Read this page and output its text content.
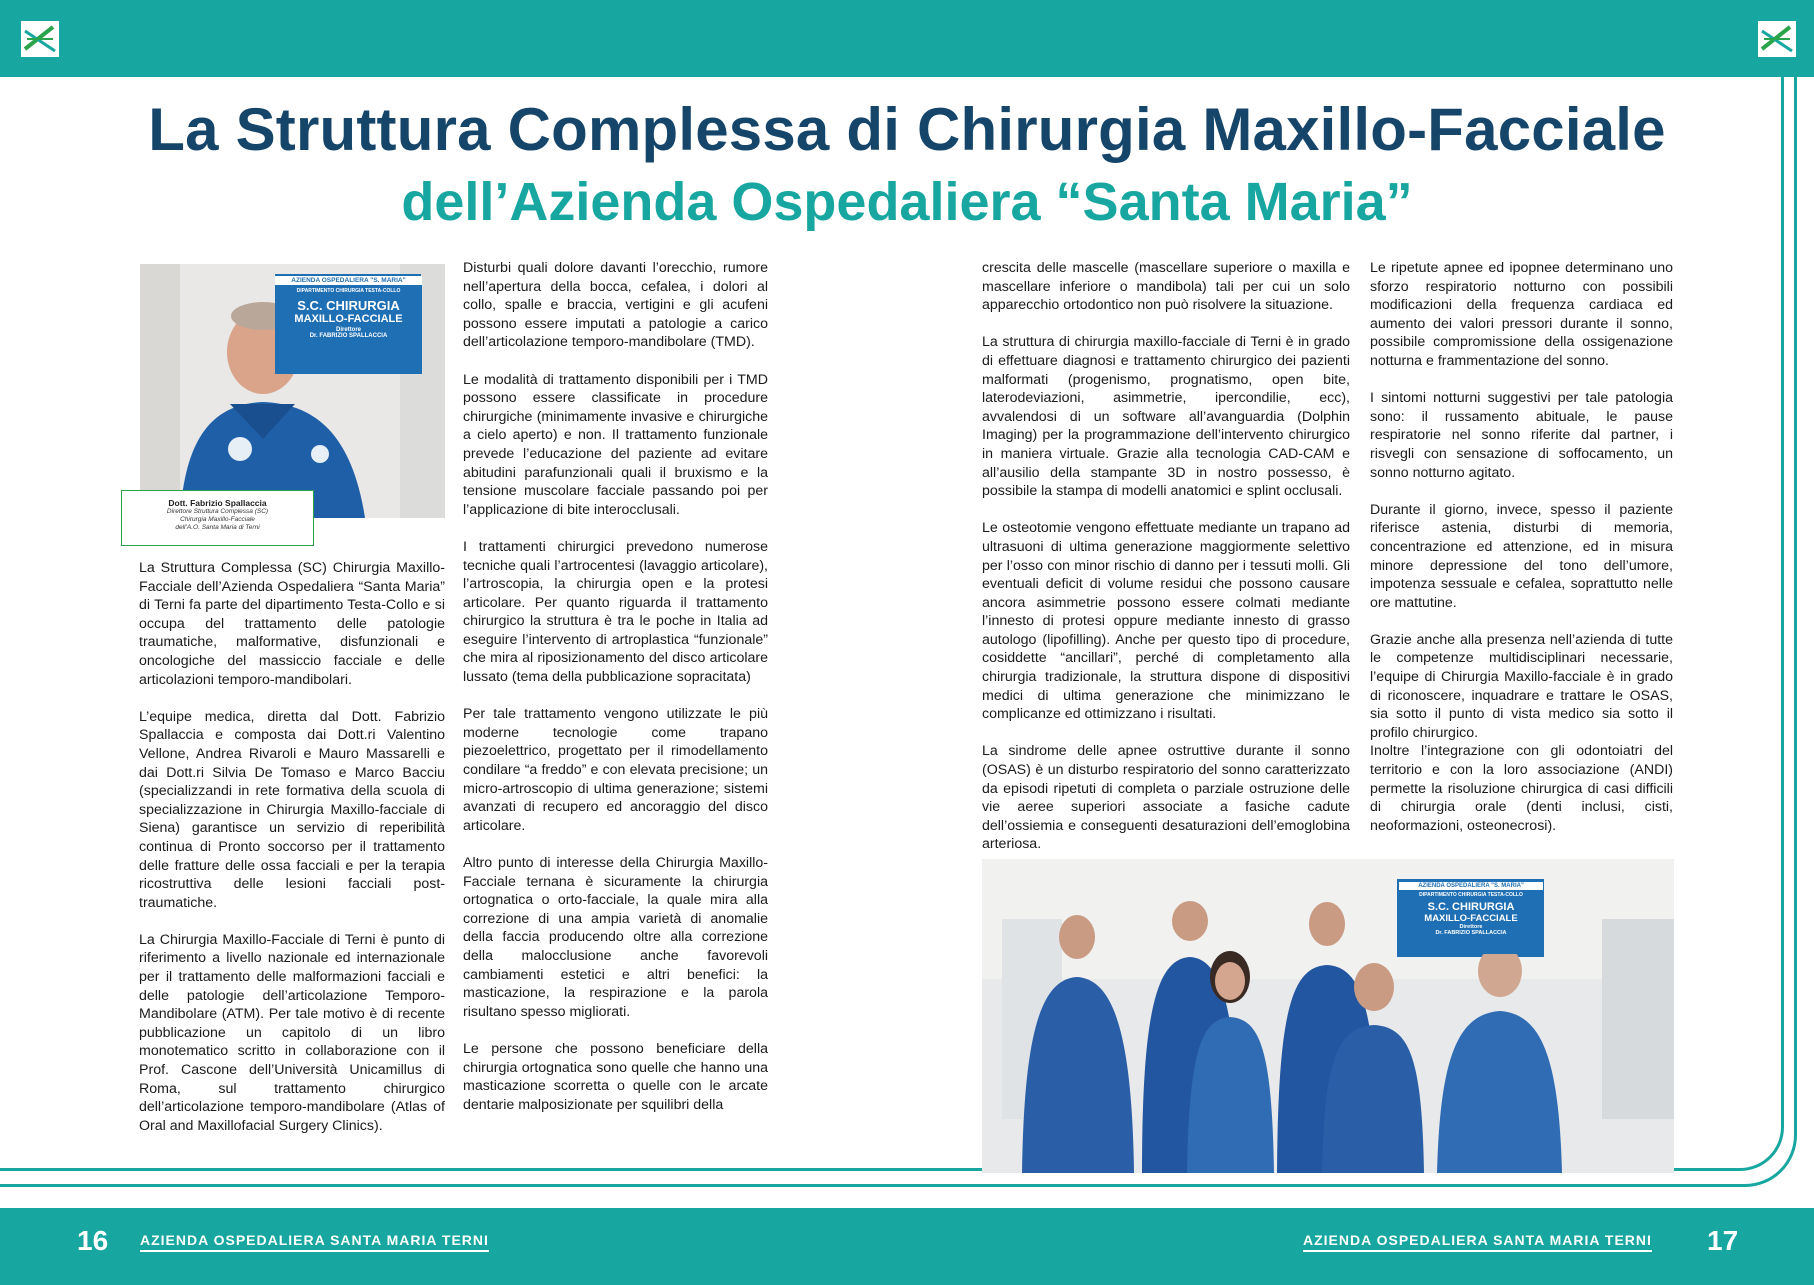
La Struttura Complessa di Chirurgia Maxillo-Facciale
dell’Azienda Ospedaliera “Santa Maria”
AZIENDA OSPEDALIERA "S. MARIA"
DIPARTIMENTO CHIRURGIA TESTA-COLLO
S.C. CHIRURGIA
MAXILLO-FACCIALE
Direttore
Dr. FABRIZIO SPALLACCIA
Dott. Fabrizio Spallaccia
Direttore Struttura Complessa (SC)
Chirurgia Maxillo-Facciale
dell’A.O. Santa Maria di Terni
AZIENDA OSPEDALIERA "S. MARIA"
DIPARTIMENTO CHIRURGIA TESTA-COLLO
S.C. CHIRURGIA
MAXILLO-FACCIALE
Direttore
Dr. FABRIZIO SPALLACCIA

La Struttura Complessa (SC) Chirurgia Maxillo-Facciale dell’Azienda Ospedaliera “Santa Maria” di Terni fa parte del dipartimento Testa-Collo e si occupa del trattamento delle patologie traumatiche, malformative, disfunzionali e oncologiche del massiccio facciale e delle articolazioni temporo-mandibolari.

L’equipe medica, diretta dal Dott. Fabrizio Spallaccia e composta dai Dott.ri Valentino Vellone, Andrea Rivaroli e Mauro Massarelli e dai Dott.ri Silvia De Tomaso e Marco Bacciu (specializzandi in rete formativa della scuola di specializzazione in Chirurgia Maxillo-facciale di Siena) garantisce un servizio di reperibilità continua di Pronto soccorso per il trattamento delle fratture delle ossa facciali e per la terapia ricostruttiva delle lesioni facciali post-traumatiche.

La Chirurgia Maxillo-Facciale di Terni è punto di riferimento a livello nazionale ed internazionale per il trattamento delle malformazioni facciali e delle patologie dell’articolazione Temporo-Mandibolare (ATM). Per tale motivo è di recente pubblicazione un capitolo di un libro monotematico scritto in collaborazione con il Prof. Cascone dell’Università Unicamillus di Roma, sul trattamento chirurgico dell’articolazione temporo-mandibolare (Atlas of Oral and Maxillofacial Surgery Clinics).

Disturbi quali dolore davanti l’orecchio, rumore nell’apertura della bocca, cefalea, i dolori al collo, spalle e braccia, vertigini e gli acufeni possono essere imputati a patologie a carico dell’articolazione temporo-mandibolare (TMD).

Le modalità di trattamento disponibili per i TMD possono essere classificate in procedure chirurgiche (minimamente invasive e chirurgiche a cielo aperto) e non. Il trattamento funzionale prevede l’educazione del paziente ad evitare abitudini parafunzionali quali il bruxismo e la tensione muscolare facciale passando poi per l’applicazione di bite interocclusali.

I trattamenti chirurgici prevedono numerose tecniche quali l’artrocentesi (lavaggio articolare), l’artroscopia, la chirurgia open e la protesi articolare. Per quanto riguarda il trattamento chirurgico la struttura è tra le poche in Italia ad eseguire l’intervento di artroplastica “funzionale” che mira al riposizionamento del disco articolare lussato (tema della pubblicazione sopracitata)

Per tale trattamento vengono utilizzate le più moderne tecnologie come trapano piezoelettrico, progettato per il rimodellamento condilare “a freddo” e con elevata precisione; un micro-artroscopio di ultima generazione; sistemi avanzati di recupero ed ancoraggio del disco articolare.

Altro punto di interesse della Chirurgia Maxillo-Facciale ternana è sicuramente la chirurgia ortognatica o orto-facciale, la quale mira alla correzione di una ampia varietà di anomalie della faccia producendo oltre alla correzione della malocclusione anche favorevoli cambiamenti estetici e altri benefici: la masticazione, la respirazione e la parola risultano spesso migliorati.

Le persone che possono beneficiare della chirurgia ortognatica sono quelle che hanno una masticazione scorretta o quelle con le arcate dentarie malposizionate per squilibri della

crescita delle mascelle (mascellare superiore o maxilla e mascellare inferiore o mandibola) tali per cui un solo apparecchio ortodontico non può risolvere la situazione.

La struttura di chirurgia maxillo-facciale di Terni è in grado di effettuare diagnosi e trattamento chirurgico dei pazienti malformati (progenismo, prognatismo, open bite, laterodeviazioni, asimmetrie, ipercondilie, ecc), avvalendosi di un software all’avanguardia (Dolphin Imaging) per la programmazione dell’intervento chirurgico in maniera virtuale. Grazie alla tecnologia CAD-CAM e all’ausilio della stampante 3D in nostro possesso, è possibile la stampa di modelli anatomici e splint occlusali.

Le osteotomie vengono effettuate mediante un trapano ad ultrasuoni di ultima generazione maggiormente selettivo per l’osso con minor rischio di danno per i tessuti molli. Gli eventuali deficit di volume residui che possono causare ancora asimmetrie possono essere colmati mediante l’innesto di protesi oppure mediante innesto di grasso autologo (lipofilling). Anche per questo tipo di procedure, cosiddette “ancillari”, perché di completamento alla chirurgia tradizionale, la struttura dispone di dispositivi medici di ultima generazione che minimizzano le complicanze ed ottimizzano i risultati.

La sindrome delle apnee ostruttive durante il sonno (OSAS) è un disturbo respiratorio del sonno caratterizzato da episodi ripetuti di completa o parziale ostruzione delle vie aeree superiori associate a fasiche cadute dell’ossiemia e conseguenti desaturazioni dell’emoglobina arteriosa.

Le ripetute apnee ed ipopnee determinano uno sforzo respiratorio notturno con possibili modificazioni della frequenza cardiaca ed aumento dei valori pressori durante il sonno, possibile compromissione della ossigenazione notturna e frammentazione del sonno.

I sintomi notturni suggestivi per tale patologia sono: il russamento abituale, le pause respiratorie nel sonno riferite dal partner, i risvegli con sensazione di soffocamento, un sonno notturno agitato.

Durante il giorno, invece, spesso il paziente riferisce astenia, disturbi di memoria, concentrazione ed attenzione, ed in misura minore depressione del tono dell’umore, impotenza sessuale e cefalea, soprattutto nelle ore mattutine.

Grazie anche alla presenza nell’azienda di tutte le competenze multidisciplinari necessarie, l’equipe di Chirurgia Maxillo-facciale è in grado di riconoscere, inquadrare e trattare le OSAS, sia sotto il punto di vista medico sia sotto il profilo chirurgico.

Inoltre l’integrazione con gli odontoiatri del territorio e con la loro associazione (ANDI) permette la risoluzione chirurgica di casi difficili di chirurgia orale (denti inclusi, cisti, neoformazioni, osteonecrosi).

16 AZIENDA OSPEDALIERA SANTA MARIA TERNI	AZIENDA OSPEDALIERA SANTA MARIA TERNI 17
